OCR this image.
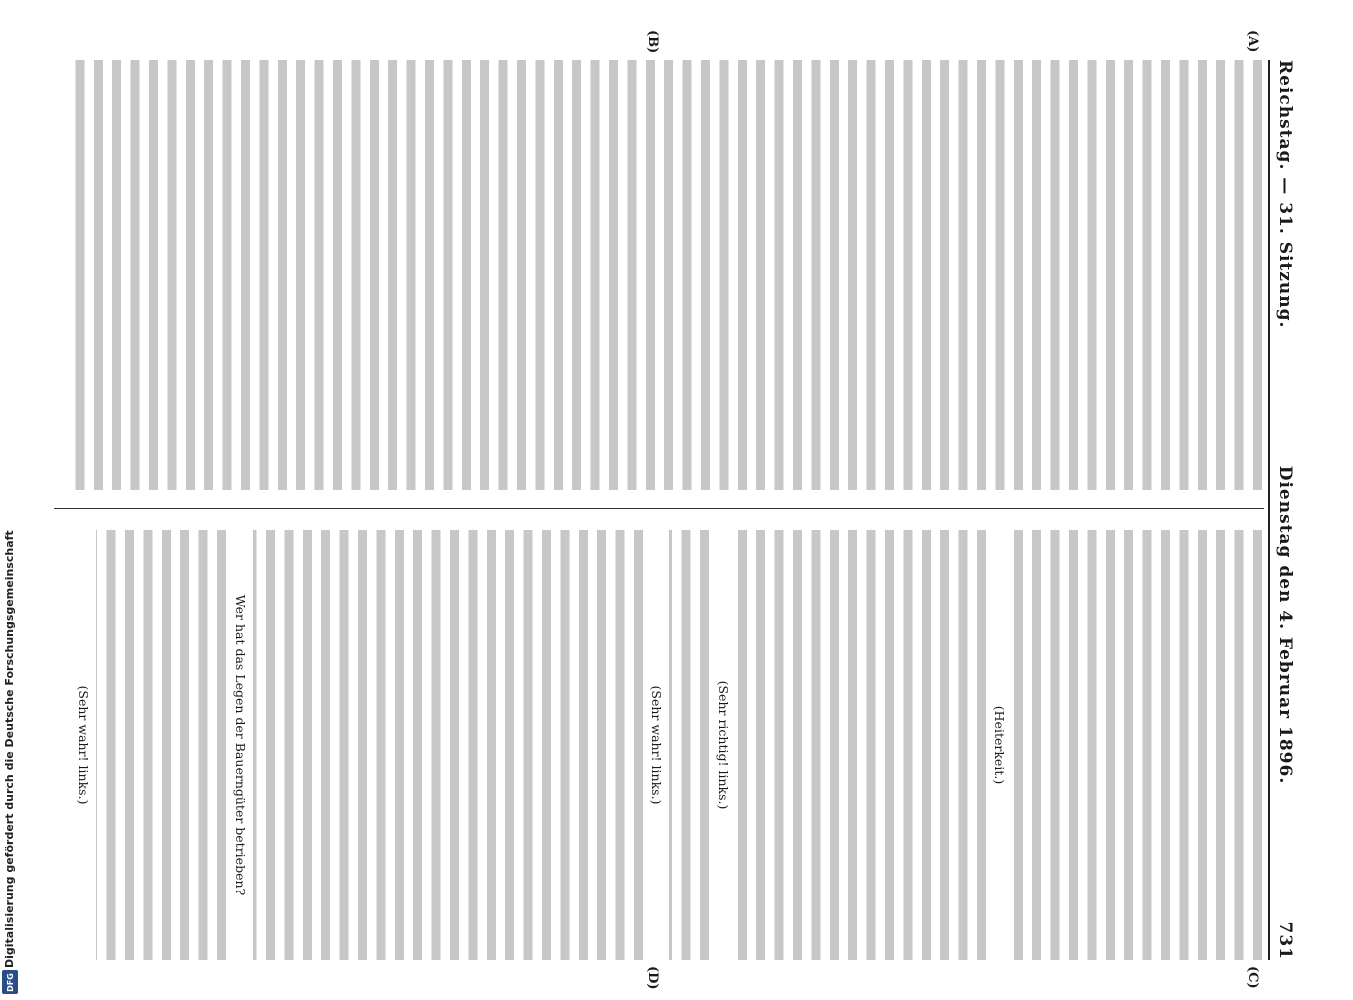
Digitalisierung gefördert durch die Deutsche Forschungsgemeinschaft
DFG
Reichstag. — 31. Sitzung.
Dienstag den 4. Februar 1896.
731
(A)
(B)
(C)
(D)

(Heiterkeit.)

(Sehr richtig! links.)

(Sehr wahr! links.)

Wer hat das Legen der Bauerngüter betrieben?

(Sehr wahr! links.)
